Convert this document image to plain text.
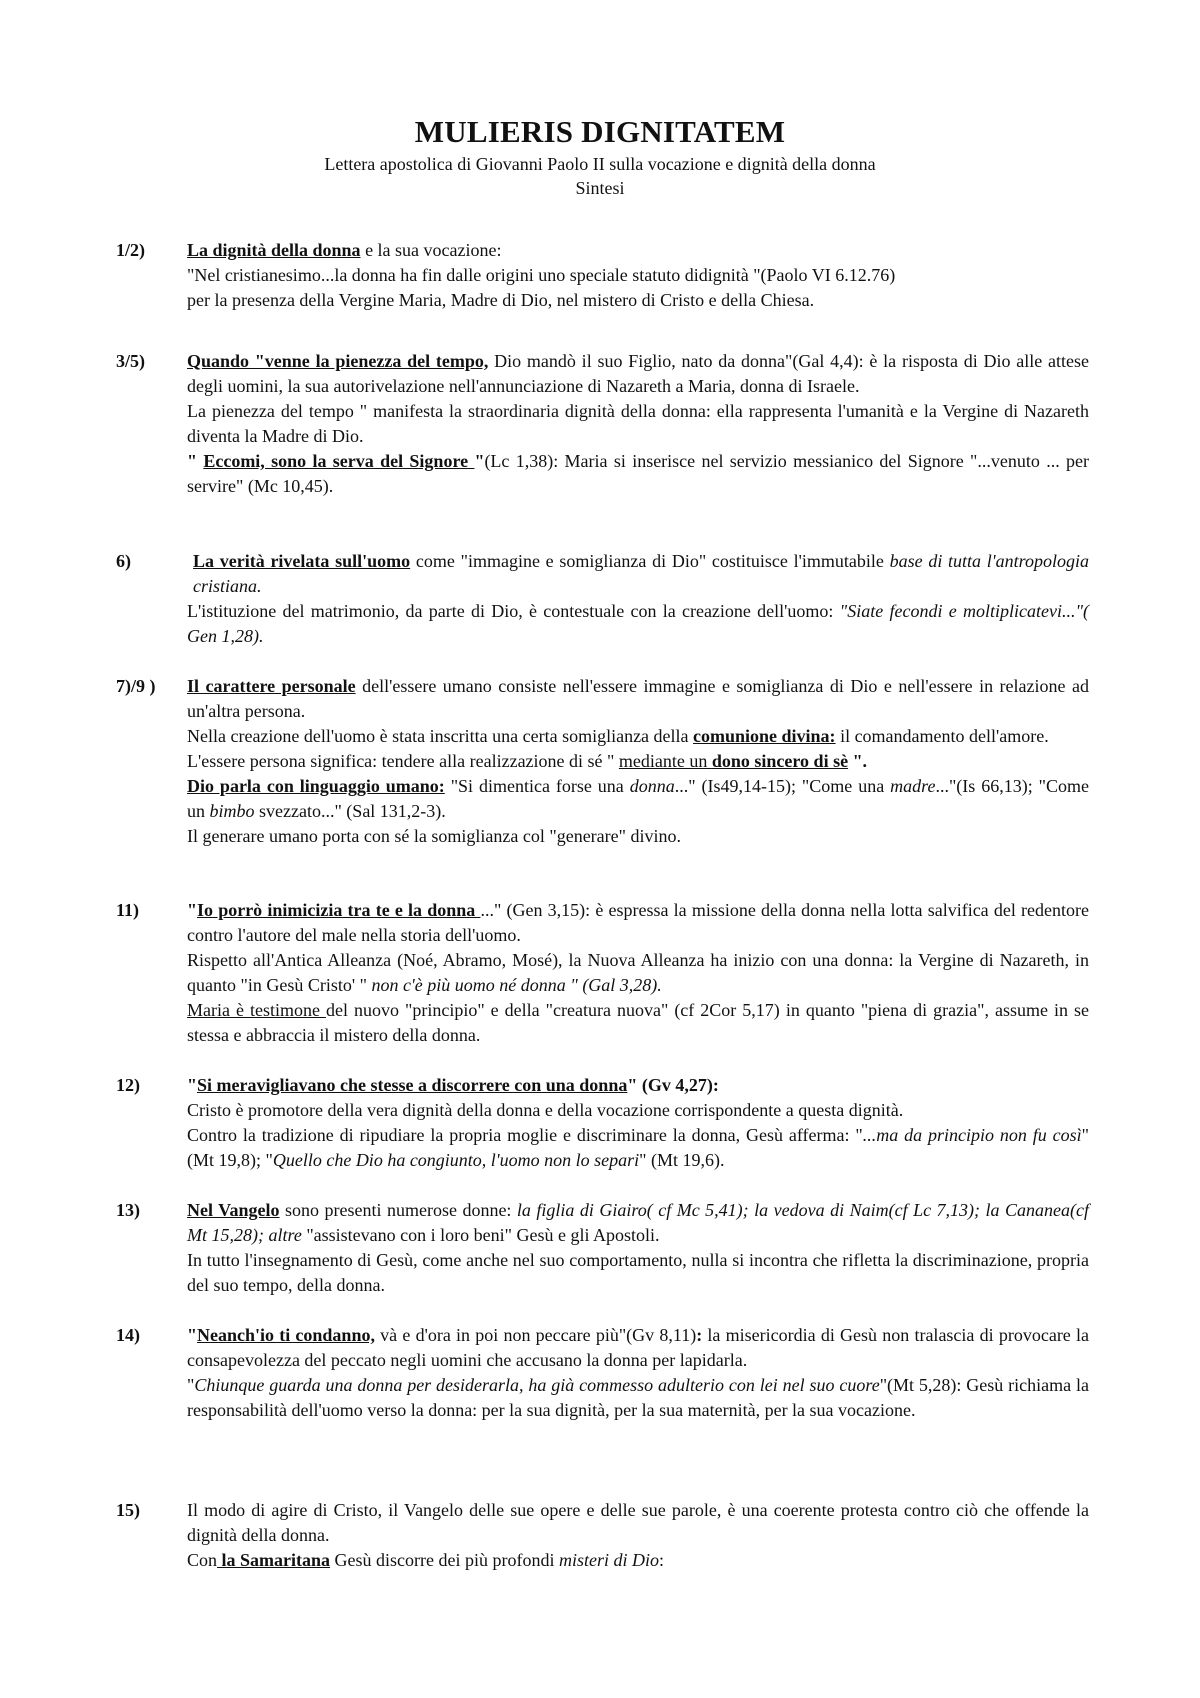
MULIERIS DIGNITATEM
Lettera apostolica di Giovanni Paolo II sulla vocazione e dignità della donna
Sintesi
1/2) La dignità della donna e la sua vocazione:

"Nel cristianesimo...la donna ha fin dalle origini uno speciale statuto didignità "(Paolo VI 6.12.76)

per la presenza della Vergine Maria, Madre di Dio, nel mistero di Cristo e della Chiesa.

3/5) Quando "venne la pienezza del tempo, Dio mandò il suo Figlio, nato da donna"(Gal 4,4): è la risposta di Dio alle attese degli uomini, la sua autorivelazione nell'annunciazione di Nazareth a Maria, donna di Israele.

La pienezza del tempo " manifesta la straordinaria dignità della donna: ella rappresenta l'umanità e la Vergine di Nazareth diventa la Madre di Dio.

" Eccomi, sono la serva del Signore "(Lc 1,38): Maria si inserisce nel servizio messianico del Signore "...venuto ... per servire" (Mc 10,45).

6)	La verità rivelata sull'uomo come "immagine e somiglianza di Dio" costituisce l'immutabile base di tutta l'antropologia cristiana.

L'istituzione del matrimonio, da parte di Dio, è contestuale con la creazione dell'uomo: "Siate fecondi e moltiplicatevi..."( Gen 1,28).

7)/9 ) Il carattere personale dell'essere umano consiste nell'essere immagine e somiglianza di Dio e nell'essere in relazione ad un'altra persona.

Nella creazione dell'uomo è stata inscritta una certa somiglianza della comunione divina: il comandamento dell'amore.

L'essere persona significa: tendere alla realizzazione di sé " mediante un dono sincero di sè ".

Dio parla con linguaggio umano: "Si dimentica forse una donna..." (Is49,14-15); "Come una madre..."(Is 66,13); "Come un bimbo svezzato..." (Sal 131,2-3).

Il generare umano porta con sé la somiglianza col "generare" divino.

11)	"Io porrò inimicizia tra te e la donna ..." (Gen 3,15): è espressa la missione della donna nella lotta salvifica del redentore contro l'autore del male nella storia dell'uomo.

Rispetto all'Antica Alleanza (Noé, Abramo, Mosé), la Nuova Alleanza ha inizio con una donna: la Vergine di Nazareth, in quanto "in Gesù Cristo' " non c'è più uomo né donna " (Gal 3,28).

Maria è testimone del nuovo "principio" e della "creatura nuova" (cf 2Cor 5,17) in quanto "piena di grazia", assume in se stessa e abbraccia il mistero della donna.

12)	"Si meravigliavano che stesse a discorrere con una donna" (Gv 4,27):

Cristo è promotore della vera dignità della donna e della vocazione corrispondente a questa dignità.

Contro la tradizione di ripudiare la propria moglie e discriminare la donna, Gesù afferma: "...ma da principio non fu così"(Mt 19,8); "Quello che Dio ha congiunto, l'uomo non lo separi" (Mt 19,6).

13)	Nel Vangelo sono presenti numerose donne: la figlia di Giairo( cf Mc 5,41); la vedova di Naim(cf Lc 7,13); la Cananea(cf Mt 15,28); altre "assistevano con i loro beni" Gesù e gli Apostoli.

In tutto l'insegnamento di Gesù, come anche nel suo comportamento, nulla si incontra che rifletta la discriminazione, propria del suo tempo, della donna.

14)	"Neanch'io ti condanno, và e d'ora in poi non peccare più"(Gv 8,11): la misericordia di Gesù non tralascia di provocare la consapevolezza del peccato negli uomini che accusano la donna per lapidarla.

"Chiunque guarda una donna per desiderarla, ha già commesso adulterio con lei nel suo cuore"(Mt 5,28): Gesù richiama la responsabilità dell'uomo verso la donna: per la sua dignità, per la sua maternità, per la sua vocazione.

15)	Il modo di agire di Cristo, il Vangelo delle sue opere e delle sue parole, è una coerente protesta contro ciò che offende la dignità della donna.

Con la Samaritana Gesù discorre dei più profondi misteri di Dio:
